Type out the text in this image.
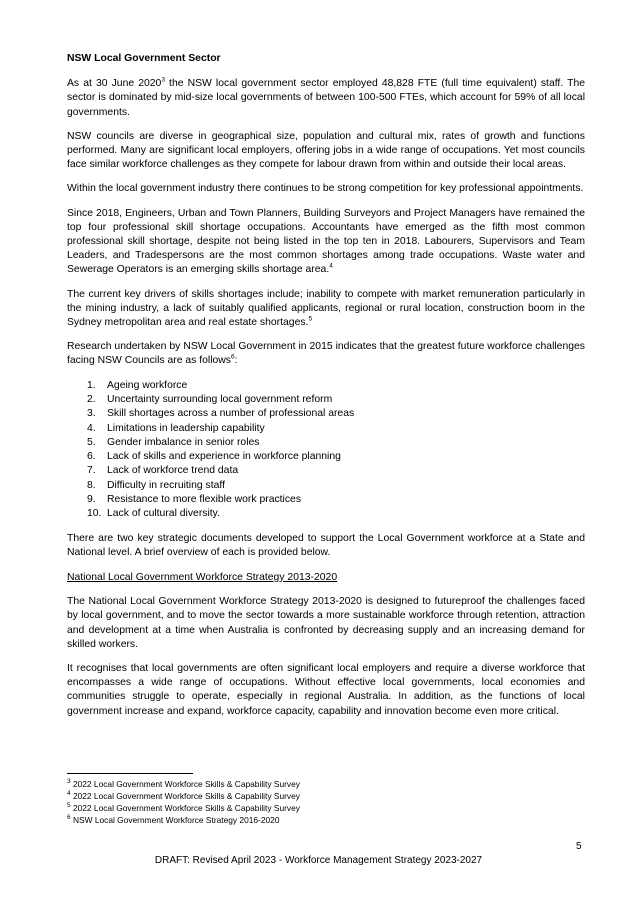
NSW Local Government Sector

As at 30 June 2020$^3$ the NSW local government sector employed 48,828 FTE (full time equivalent) staff. The sector is dominated by mid-size local governments of between 100-500 FTEs, which account for 59% of all local governments.

NSW councils are diverse in geographical size, population and cultural mix, rates of growth and functions performed. Many are significant local employers, offering jobs in a wide range of occupations. Yet most councils face similar workforce challenges as they compete for labour drawn from within and outside their local areas.

Within the local government industry there continues to be strong competition for key professional appointments.

Since 2018, Engineers, Urban and Town Planners, Building Surveyors and Project Managers have remained the top four professional skill shortage occupations. Accountants have emerged as the fifth most common professional skill shortage, despite not being listed in the top ten in 2018. Labourers, Supervisors and Team Leaders, and Tradespersons are the most common shortages among trade occupations. Waste water and Sewerage Operators is an emerging skills shortage area.$^4$

The current key drivers of skills shortages include; inability to compete with market remuneration particularly in the mining industry, a lack of suitably qualified applicants, regional or rural location, construction boom in the Sydney metropolitan area and real estate shortages.$^5$

Research undertaken by NSW Local Government in 2015 indicates that the greatest future workforce challenges facing NSW Councils are as follows$^6$:

1.	Ageing workforce
2.	Uncertainty surrounding local government reform
3.	Skill shortages across a number of professional areas
4.	Limitations in leadership capability
5.	Gender imbalance in senior roles
6.	Lack of skills and experience in workforce planning
7.	Lack of workforce trend data
8.	Difficulty in recruiting staff
9.	Resistance to more flexible work practices
10. Lack of cultural diversity.

There are two key strategic documents developed to support the Local Government workforce at a State and National level. A brief overview of each is provided below.

National Local Government Workforce Strategy 2013-2020

The National Local Government Workforce Strategy 2013-2020 is designed to futureproof the challenges faced by local government, and to move the sector towards a more sustainable workforce through retention, attraction and development at a time when Australia is confronted by decreasing supply and an increasing demand for skilled workers.

It recognises that local governments are often significant local employers and require a diverse workforce that encompasses a wide range of occupations. Without effective local governments, local economies and communities struggle to operate, especially in regional Australia. In addition, as the functions of local government increase and expand, workforce capacity, capability and innovation become even more critical.

$^3$ 2022 Local Government Workforce Skills & Capability Survey
$^4$ 2022 Local Government Workforce Skills & Capability Survey
$^5$ 2022 Local Government Workforce Skills & Capability Survey
$^6$ NSW Local Government Workforce Strategy 2016-2020
5
DRAFT: Revised April 2023 - Workforce Management Strategy 2023-2027
